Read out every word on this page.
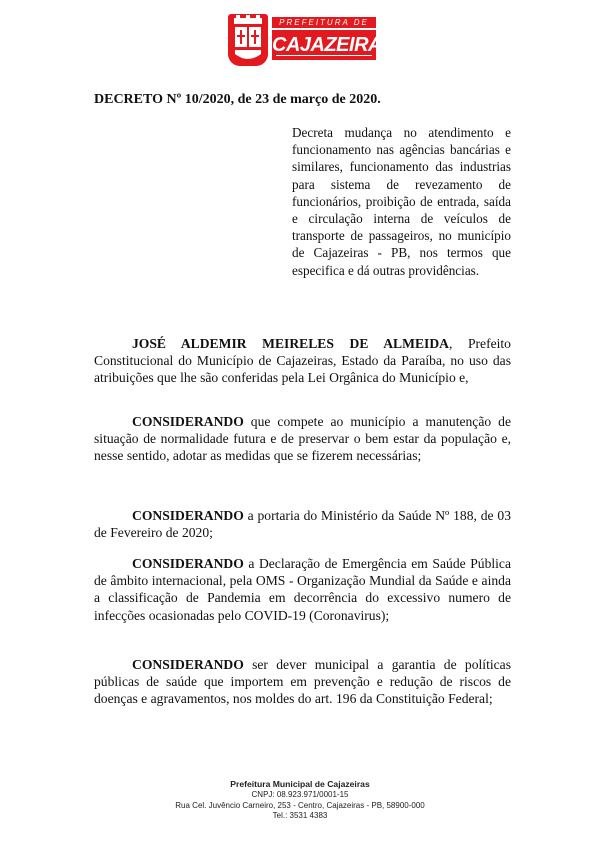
PREFEITURA DE
CAJAZEIRAS
DECRETO Nº 10/2020, de 23 de março de 2020.
Decreta mudança no atendimento e funcionamento nas agências bancárias e similares, funcionamento das industrias para sistema de revezamento de funcionários, proibição de entrada, saída e circulação interna de veículos de transporte de passageiros, no município de Cajazeiras - PB, nos termos que especifica e dá outras providências.
JOSÉ ALDEMIR MEIRELES DE ALMEIDA, Prefeito Constitucional do Município de Cajazeiras, Estado da Paraíba, no uso das atribuições que lhe são conferidas pela Lei Orgânica do Município e,
CONSIDERANDO que compete ao município a manutenção de situação de normalidade futura e de preservar o bem estar da população e, nesse sentido, adotar as medidas que se fizerem necessárias;
CONSIDERANDO a portaria do Ministério da Saúde Nº 188, de 03 de Fevereiro de 2020;
CONSIDERANDO a Declaração de Emergência em Saúde Pública de âmbito internacional, pela OMS - Organização Mundial da Saúde e ainda a classificação de Pandemia em decorrência do excessivo numero de infecções ocasionadas pelo COVID-19 (Coronavirus);
CONSIDERANDO ser dever municipal a garantia de políticas públicas de saúde que importem em prevenção e redução de riscos de doenças e agravamentos, nos moldes do art. 196 da Constituição Federal;
Prefeitura Municipal de Cajazeiras
CNPJ: 08.923.971/0001-15
Rua Cel. Juvêncio Carneiro, 253 - Centro, Cajazeiras - PB, 58900-000
Tel.: 3531 4383
